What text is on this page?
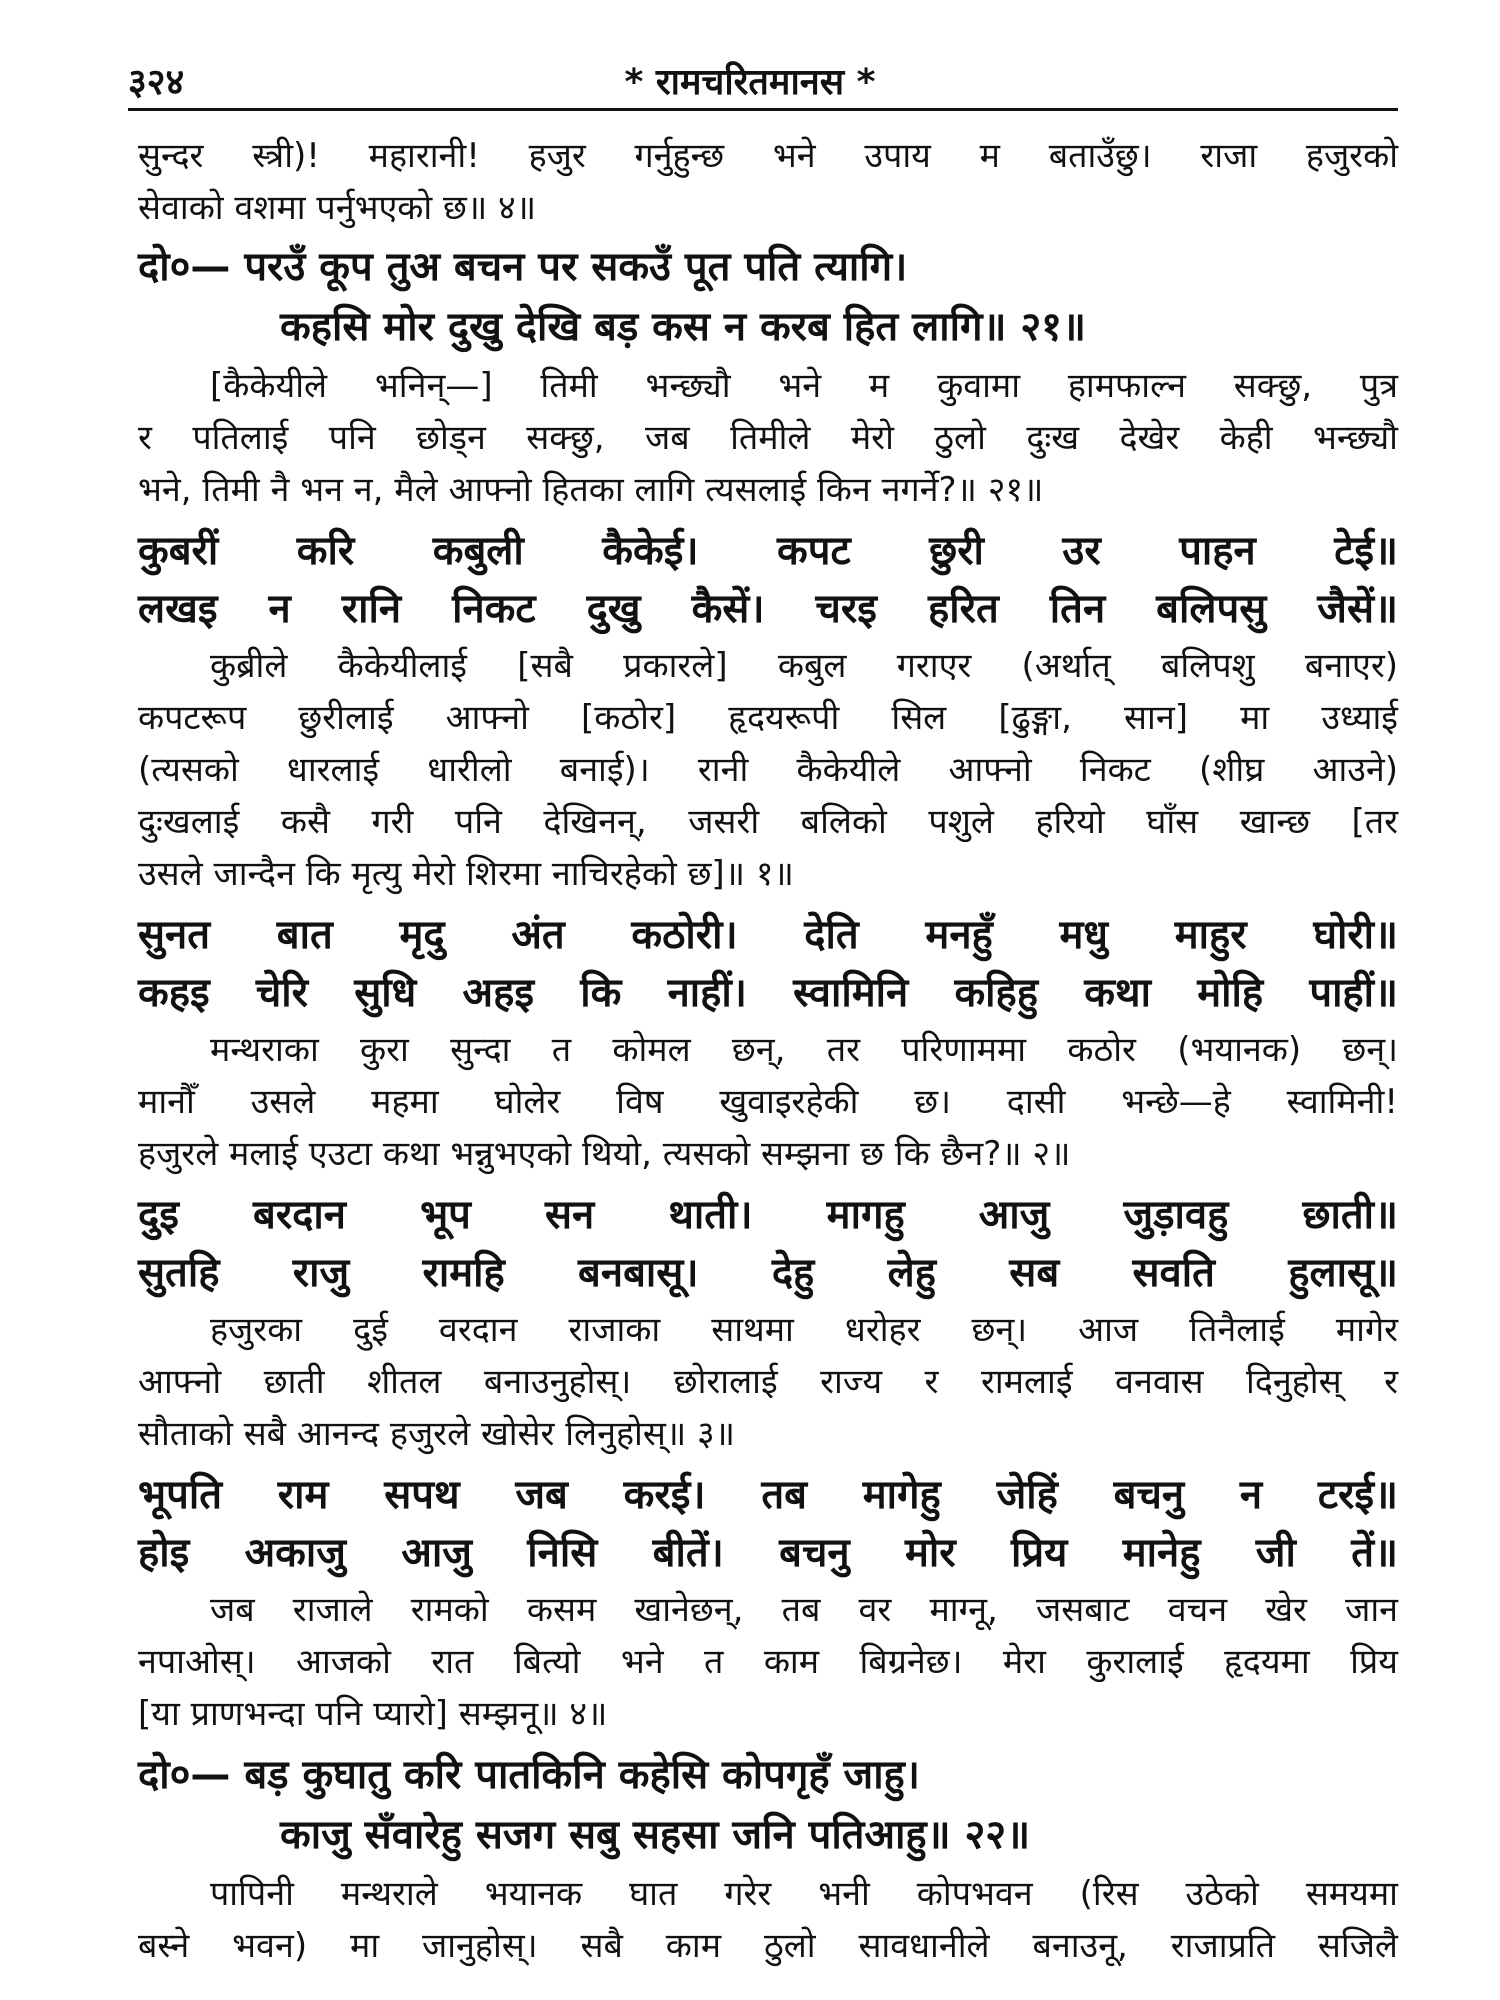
३२४	* रामचरितमानस *
सुन्दर स्त्री)! महारानी! हजुर गर्नुहुन्छ भने उपाय म बताउँछु। राजा हजुरको
सेवाको वशमा पर्नुभएको छ॥ ४॥
दो०— परउँ कूप तुअ बचन पर सकउँ पूत पति त्यागि।
कहसि मोर दुखु देखि बड़ कस न करब हित लागि॥ २१॥
[कैकेयीले भनिन्—] तिमी भन्छ्यौ भने म कुवामा हामफाल्न सक्छु, पुत्र
र पतिलाई पनि छोड्न सक्छु, जब तिमीले मेरो ठुलो दुःख देखेर केही भन्छ्यौ
भने, तिमी नै भन न, मैले आफ्नो हितका लागि त्यसलाई किन नगर्ने?॥ २१॥
कुबरीं करि कबुली कैकेई। कपट छुरी उर पाहन टेई॥
लखइ न रानि निकट दुखु कैसें। चरइ हरित तिन बलिपसु जैसें॥
कुब्रीले कैकेयीलाई [सबै प्रकारले] कबुल गराएर (अर्थात् बलिपशु बनाएर)
कपटरूप छुरीलाई आफ्नो [कठोर] हृदयरूपी सिल [ढुङ्गा, सान] मा उध्याई
(त्यसको धारलाई धारीलो बनाई)। रानी कैकेयीले आफ्नो निकट (शीघ्र आउने)
दुःखलाई कसै गरी पनि देखिनन्, जसरी बलिको पशुले हरियो घाँस खान्छ [तर
उसले जान्दैन कि मृत्यु मेरो शिरमा नाचिरहेको छ]॥ १॥
सुनत बात मृदु अंत कठोरी। देति मनहुँ मधु माहुर घोरी॥
कहइ चेरि सुधि अहइ कि नाहीं। स्वामिनि कहिहु कथा मोहि पाहीं॥
मन्थराका कुरा सुन्दा त कोमल छन्, तर परिणाममा कठोर (भयानक) छन्।
मानौँ उसले महमा घोलेर विष खुवाइरहेकी छ। दासी भन्छे—हे स्वामिनी!
हजुरले मलाई एउटा कथा भन्नुभएको थियो, त्यसको सम्झना छ कि छैन?॥ २॥
दुइ बरदान भूप सन थाती। मागहु आजु जुड़ावहु छाती॥
सुतहि राजु रामहि बनबासू। देहु लेहु सब सवति हुलासू॥
हजुरका दुई वरदान राजाका साथमा धरोहर छन्। आज तिनैलाई मागेर
आफ्नो छाती शीतल बनाउनुहोस्। छोरालाई राज्य र रामलाई वनवास दिनुहोस् र
सौताको सबै आनन्द हजुरले खोसेर लिनुहोस्॥ ३॥
भूपति राम सपथ जब करई। तब मागेहु जेहिं बचनु न टरई॥
होइ अकाजु आजु निसि बीतें। बचनु मोर प्रिय मानेहु जी तें॥
जब राजाले रामको कसम खानेछन्, तब वर माग्नू, जसबाट वचन खेर जान
नपाओस्। आजको रात बित्यो भने त काम बिग्रनेछ। मेरा कुरालाई हृदयमा प्रिय
[या प्राणभन्दा पनि प्यारो] सम्झनू॥ ४॥
दो०— बड़ कुघातु करि पातकिनि कहेसि कोपगृहँ जाहु।
काजु सँवारेहु सजग सबु सहसा जनि पतिआहु॥ २२॥
पापिनी मन्थराले भयानक घात गरेर भनी कोपभवन (रिस उठेको समयमा
बस्ने भवन) मा जानुहोस्। सबै काम ठुलो सावधानीले बनाउनू, राजाप्रति सजिलै
